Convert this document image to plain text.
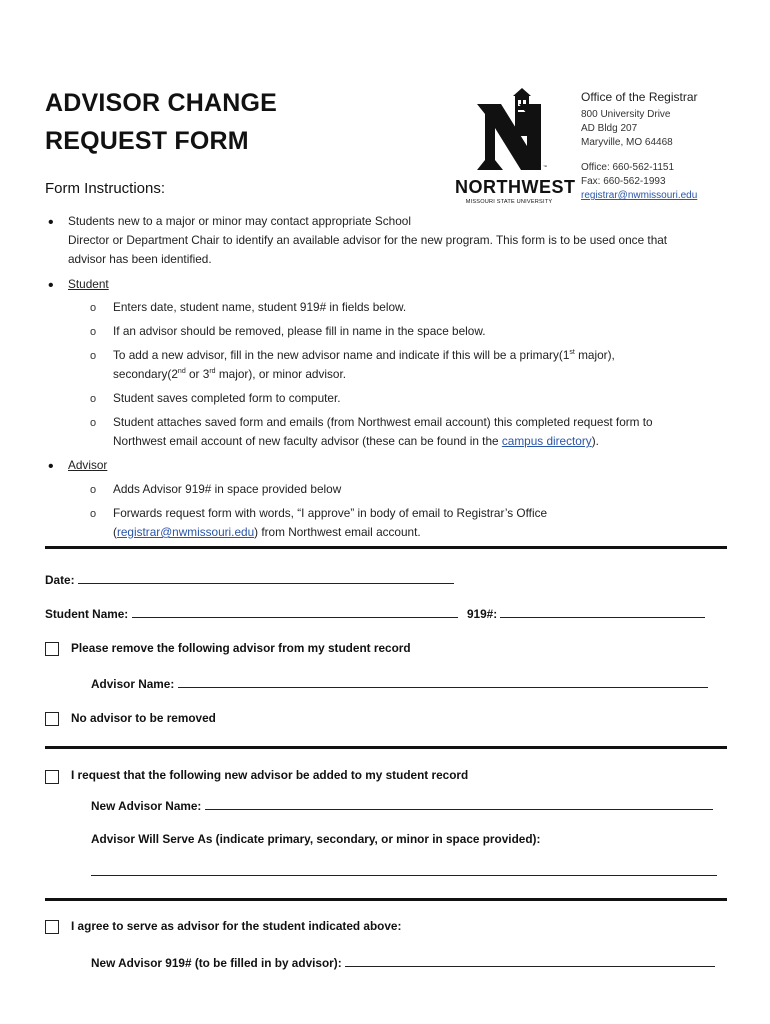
ADVISOR CHANGE
REQUEST FORM
Form Instructions:
™
NORTHWEST
MISSOURI STATE UNIVERSITY
Office of the Registrar
800 University Drive
AD Bldg 207
Maryville, MO 64468
Office: 660-562-1151
Fax: 660-562-1993
registrar@nwmissouri.edu
• Students new to a major or minor may contact appropriate School
Director or Department Chair to identify an available advisor for the new program. This form is to be used once that
advisor has been identified.
• Student
o Enters date, student name, student 919# in fields below.
o If an advisor should be removed, please fill in name in the space below.
o To add a new advisor, fill in the new advisor name and indicate if this will be a primary(1st major),
secondary(2nd or 3rd major), or minor advisor.
o Student saves completed form to computer.
o Student attaches saved form and emails (from Northwest email account) this completed request form to
Northwest email account of new faculty advisor (these can be found in the campus directory).
• Advisor
o Adds Advisor 919# in space provided below
o Forwards request form with words, “I approve” in body of email to Registrar’s Office
(registrar@nwmissouri.edu) from Northwest email account.
Date:
Student Name:	919#:
Please remove the following advisor from my student record
Advisor Name:
No advisor to be removed
I request that the following new advisor be added to my student record
New Advisor Name:
Advisor Will Serve As (indicate primary, secondary, or minor in space provided):
I agree to serve as advisor for the student indicated above:
New Advisor 919# (to be filled in by advisor):
